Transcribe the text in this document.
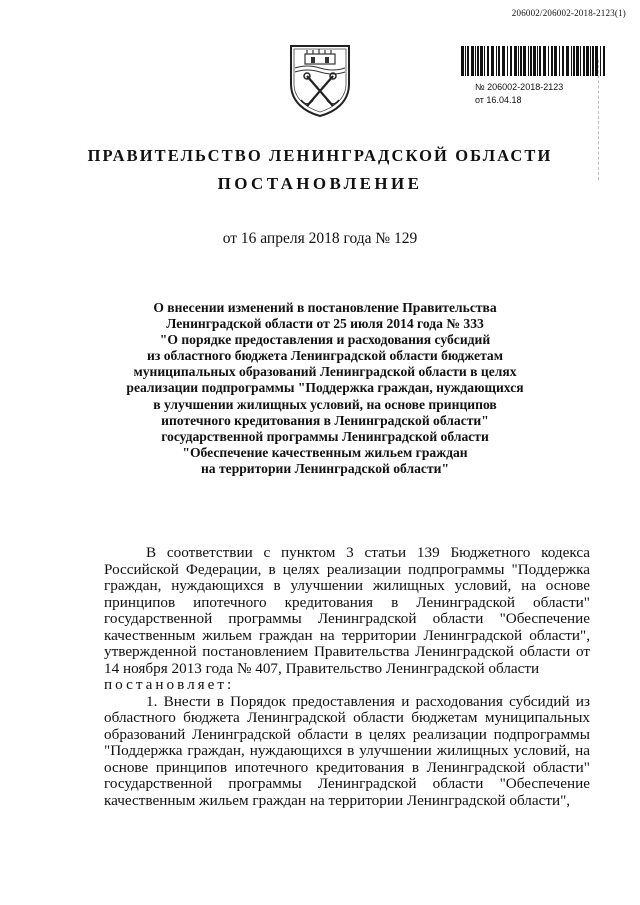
206002/206002-2018-2123(1)
№ 206002-2018-2123
от 16.04.18
ПРАВИТЕЛЬСТВО ЛЕНИНГРАДСКОЙ ОБЛАСТИ
ПОСТАНОВЛЕНИЕ
от 16 апреля 2018 года № 129
О внесении изменений в постановление Правительства
Ленинградской области от 25 июля 2014 года № 333
"О порядке предоставления и расходования субсидий
из областного бюджета Ленинградской области бюджетам
муниципальных образований Ленинградской области в целях
реализации подпрограммы "Поддержка граждан, нуждающихся
в улучшении жилищных условий, на основе принципов
ипотечного кредитования в Ленинградской области"
государственной программы Ленинградской области
"Обеспечение качественным жильем граждан
на территории Ленинградской области"

В соответствии с пунктом 3 статьи 139 Бюджетного кодекса Российской Федерации, в целях реализации подпрограммы "Поддержка граждан, нуждающихся в улучшении жилищных условий, на основе принципов ипотечного кредитования в Ленинградской области" государственной программы Ленинградской области "Обеспечение качественным жильем граждан на территории Ленинградской области", утвержденной постановлением Правительства Ленинградской области от 14 ноября 2013 года № 407, Правительство Ленинградской области

постановляет:

1. Внести в Порядок предоставления и расходования субсидий из областного бюджета Ленинградской области бюджетам муниципальных образований Ленинградской области в целях реализации подпрограммы "Поддержка граждан, нуждающихся в улучшении жилищных условий, на основе принципов ипотечного кредитования в Ленинградской области" государственной программы Ленинградской области "Обеспечение качественным жильем граждан на территории Ленинградской области",
